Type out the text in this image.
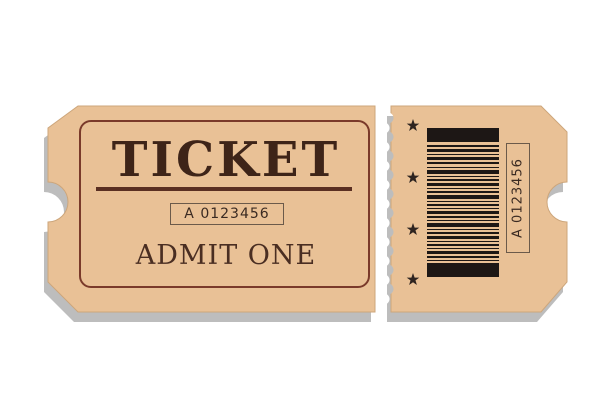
TICKET
A 0123456
ADMIT ONE
A 0123456
